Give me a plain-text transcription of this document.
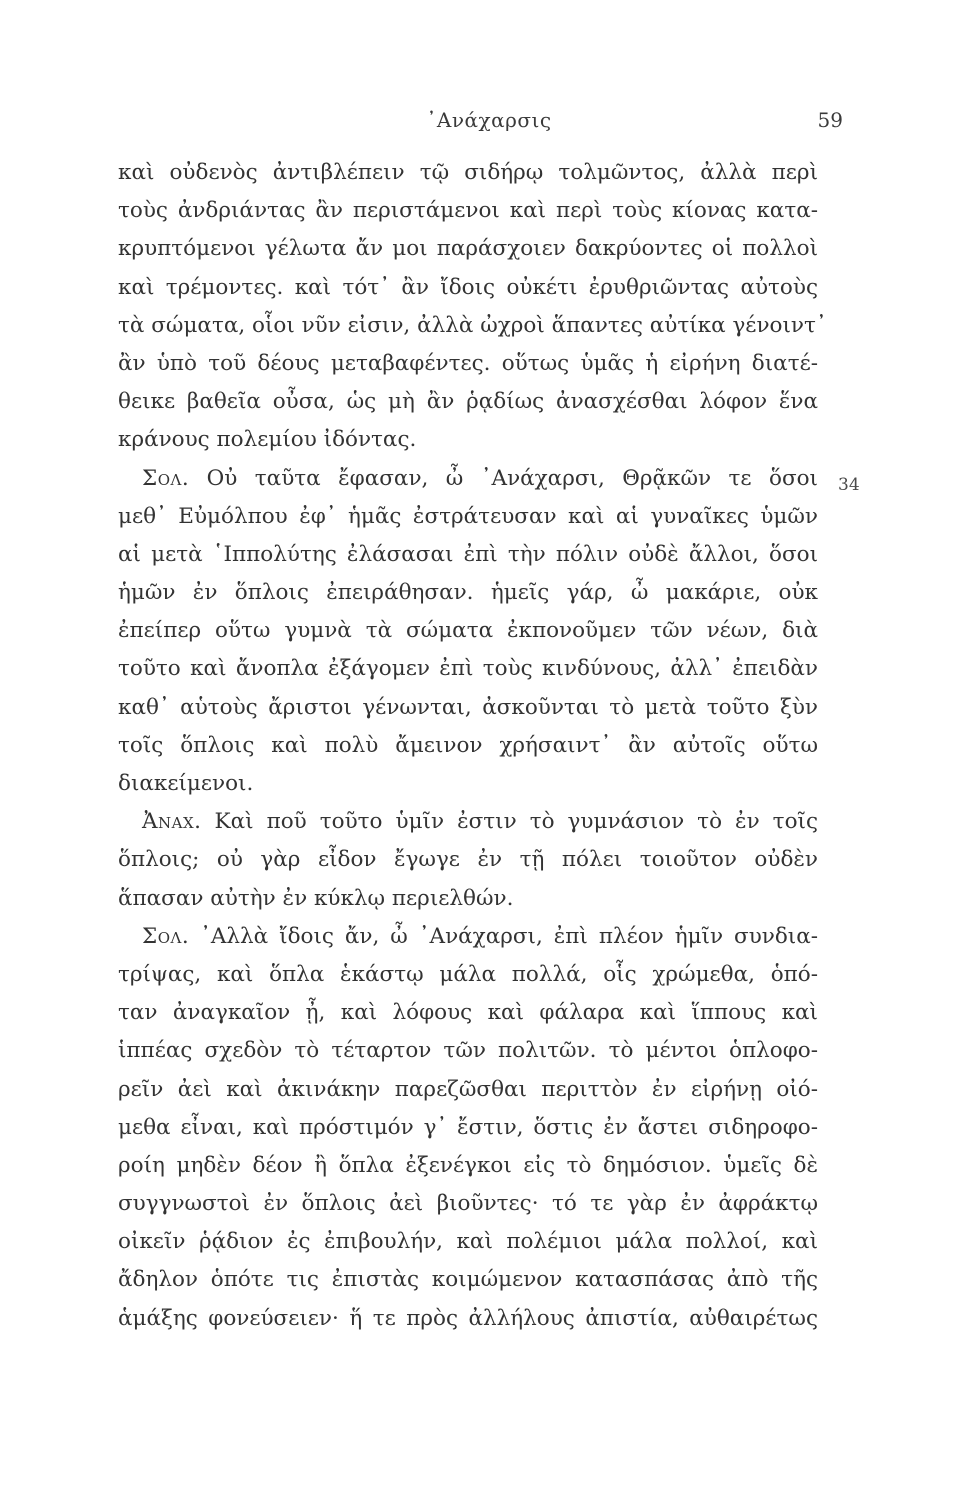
᾿Ανάχαρσις	59
καὶ οὐδενὸς ἀντιβλέπειν τῷ σιδήρῳ τολμῶντος, ἀλλὰ περὶ
τοὺς ἀνδριάντας ἂν περιστάμενοι καὶ περὶ τοὺς κίονας κατα-
κρυπτόμενοι γέλωτα ἄν μοι παράσχοιεν δακρύοντες οἱ πολλοὶ
καὶ τρέμοντες. καὶ τότ᾽ ἂν ἴδοις οὐκέτι ἐρυθριῶντας αὐτοὺς
τὰ σώματα, οἷοι νῦν εἰσιν, ἀλλὰ ὠχροὶ ἅπαντες αὐτίκα γένοιντ᾽
ἂν ὑπὸ τοῦ δέους μεταβαφέντες. οὕτως ὑμᾶς ἡ εἰρήνη διατέ-
θεικε βαθεῖα οὖσα, ὡς μὴ ἂν ῥᾳδίως ἀνασχέσθαι λόφον ἕνα
κράνους πολεμίου ἰδόντας.
Σολ. Οὐ ταῦτα ἔφασαν, ὦ ᾿Ανάχαρσι, Θρᾷκῶν τε ὅσοι
μεθ᾽ Εὐμόλπου ἐφ᾽ ἡμᾶς ἐστράτευσαν καὶ αἱ γυναῖκες ὑμῶν
αἱ μετὰ ῾Ιππολύτης ἐλάσασαι ἐπὶ τὴν πόλιν οὐδὲ ἄλλοι, ὅσοι
ἡμῶν ἐν ὅπλοις ἐπειράθησαν. ἡμεῖς γάρ, ὦ μακάριε, οὐκ
ἐπείπερ οὕτω γυμνὰ τὰ σώματα ἐκπονοῦμεν τῶν νέων, διὰ
τοῦτο καὶ ἄνοπλα ἐξάγομεν ἐπὶ τοὺς κινδύνους, ἀλλ᾽ ἐπειδὰν
καθ᾽ αὑτοὺς ἄριστοι γένωνται, ἀσκοῦνται τὸ μετὰ τοῦτο ξὺν
τοῖς ὅπλοις καὶ πολὺ ἄμεινον χρήσαιντ᾽ ἂν αὐτοῖς οὕτω
διακείμενοι.
Ἀναχ. Καὶ ποῦ τοῦτο ὑμῖν ἐστιν τὸ γυμνάσιον τὸ ἐν τοῖς
ὅπλοις; οὐ γὰρ εἶδον ἔγωγε ἐν τῇ πόλει τοιοῦτον οὐδὲν
ἅπασαν αὐτὴν ἐν κύκλῳ περιελθών.
Σολ. ᾿Αλλὰ ἴδοις ἄν, ὦ ᾿Ανάχαρσι, ἐπὶ πλέον ἡμῖν συνδια-
τρίψας, καὶ ὅπλα ἑκάστῳ μάλα πολλά, οἷς χρώμεθα, ὁπό-
ταν ἀναγκαῖον ᾖ, καὶ λόφους καὶ φάλαρα καὶ ἵππους καὶ
ἱππέας σχεδὸν τὸ τέταρτον τῶν πολιτῶν. τὸ μέντοι ὁπλοφο-
ρεῖν ἀεὶ καὶ ἀκινάκην παρεζῶσθαι περιττὸν ἐν εἰρήνῃ οἰό-
μεθα εἶναι, καὶ πρόστιμόν γ᾽ ἔστιν, ὅστις ἐν ἄστει σιδηροφο-
ροίη μηδὲν δέον ἢ ὅπλα ἐξενέγκοι εἰς τὸ δημόσιον. ὑμεῖς δὲ
συγγνωστοὶ ἐν ὅπλοις ἀεὶ βιοῦντες· τό τε γὰρ ἐν ἀφράκτῳ
οἰκεῖν ῥᾴδιον ἐς ἐπιβουλήν, καὶ πολέμιοι μάλα πολλοί, καὶ
ἄδηλον ὁπότε τις ἐπιστὰς κοιμώμενον κατασπάσας ἀπὸ τῆς
ἁμάξης φονεύσειεν· ἥ τε πρὸς ἀλλήλους ἀπιστία, αὐθαιρέτως
34
